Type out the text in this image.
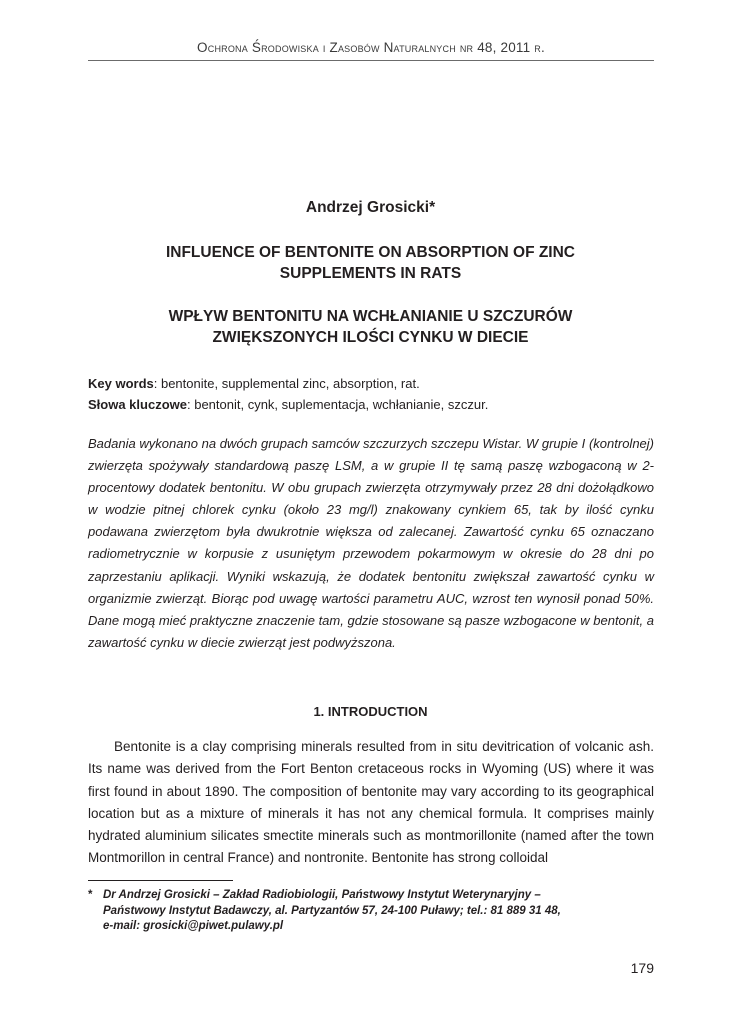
Ochrona Środowiska i Zasobów Naturalnych nr 48, 2011 r.
Andrzej Grosicki*
INFLUENCE OF BENTONITE ON ABSORPTION OF ZINC
SUPPLEMENTS IN RATS
WPŁYW BENTONITU NA WCHŁANIANIE U SZCZURÓW
ZWIĘKSZONYCH ILOŚCI CYNKU W DIECIE
Key words: bentonite, supplemental zinc, absorption, rat.
Słowa kluczowe: bentonit, cynk, suplementacja, wchłanianie, szczur.

Badania wykonano na dwóch grupach samców szczurzych szczepu Wistar. W grupie I (kontrolnej) zwierzęta spożywały standardową paszę LSM, a w grupie II tę samą paszę wzbogaconą w 2-procentowy dodatek bentonitu. W obu grupach zwierzęta otrzymywały przez 28 dni dożołądkowo w wodzie pitnej chlorek cynku (około 23 mg/l) znakowany cynkiem 65, tak by ilość cynku podawana zwierzętom była dwukrotnie większa od zalecanej. Zawartość cynku 65 oznaczano radiometrycznie w korpusie z usuniętym przewodem pokarmowym w okresie do 28 dni po zaprzestaniu aplikacji. Wyniki wskazują, że dodatek bentonitu zwiększał zawartość cynku w organizmie zwierząt. Biorąc pod uwagę wartości parametru AUC, wzrost ten wynosił ponad 50%. Dane mogą mieć praktyczne znaczenie tam, gdzie stosowane są pasze wzbogacone w bentonit, a zawartość cynku w diecie zwierząt jest podwyższona.

1. INTRODUCTION

Bentonite is a clay comprising minerals resulted from in situ devitrication of volcanic ash. Its name was derived from the Fort Benton cretaceous rocks in Wyoming (US) where it was first found in about 1890. The composition of bentonite may vary according to its geographical location but as a mixture of minerals it has not any chemical formula. It comprises mainly hydrated aluminium silicates smectite minerals such as montmorillonite (named after the town Montmorillon in central France) and nontronite. Bentonite has strong colloidal

* Dr Andrzej Grosicki – Zakład Radiobiologii, Państwowy Instytut Weterynaryjny –
Państwowy Instytut Badawczy, al. Partyzantów 57, 24-100 Puławy; tel.: 81 889 31 48,
e-mail: grosicki@piwet.pulawy.pl
179
